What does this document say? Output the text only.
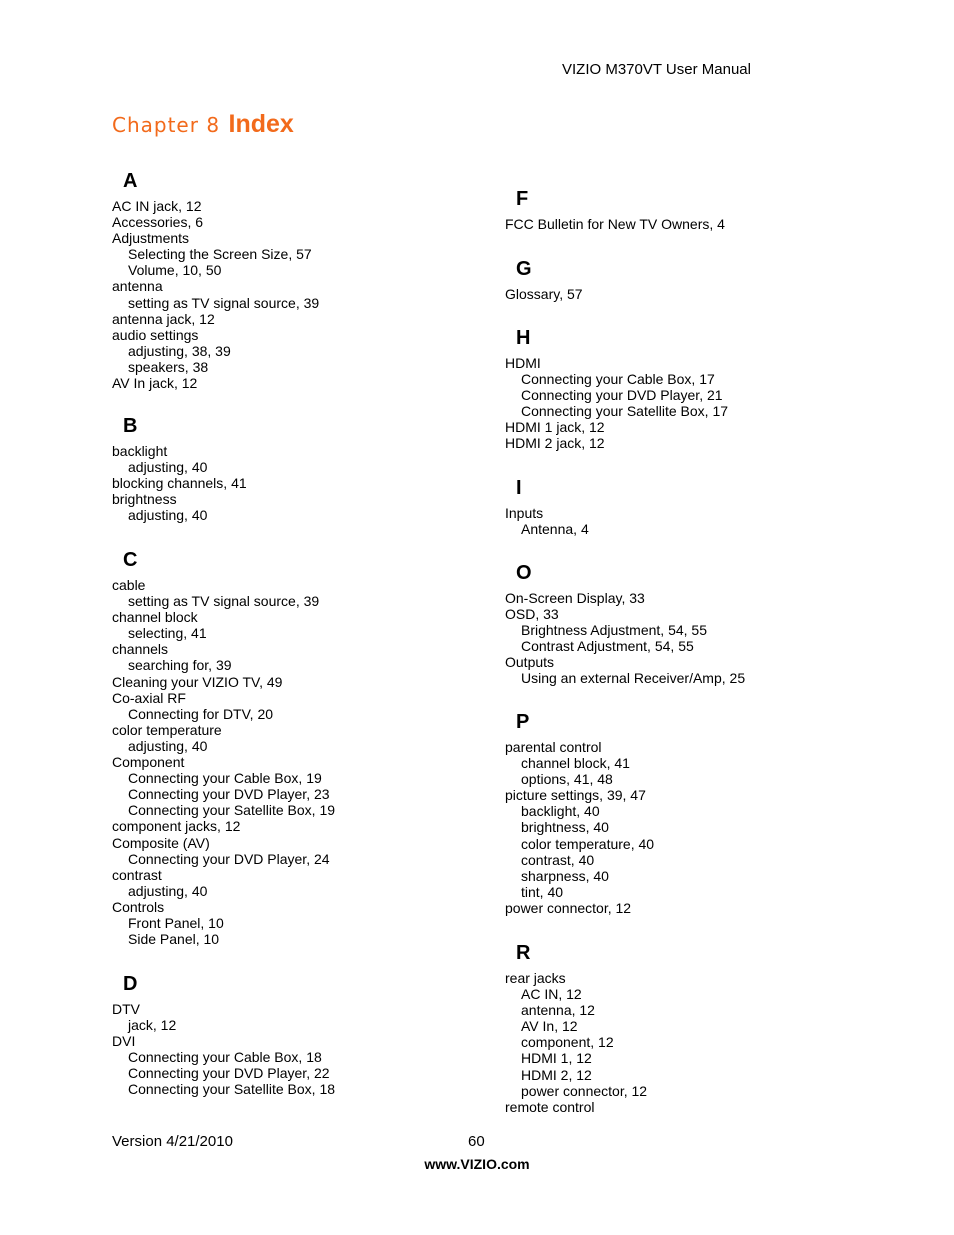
VIZIO M370VT User Manual
Chapter 8 Index
A
AC IN jack, 12
Accessories, 6
Adjustments
Selecting the Screen Size, 57
Volume, 10, 50
antenna
setting as TV signal source, 39
antenna jack, 12
audio settings
adjusting, 38, 39
speakers, 38
AV In jack, 12
B
backlight
adjusting, 40
blocking channels, 41
brightness
adjusting, 40
C
cable
setting as TV signal source, 39
channel block
selecting, 41
channels
searching for, 39
Cleaning your VIZIO TV, 49
Co-axial RF
Connecting for DTV, 20
color temperature
adjusting, 40
Component
Connecting your Cable Box, 19
Connecting your DVD Player, 23
Connecting your Satellite Box, 19
component jacks, 12
Composite (AV)
Connecting your DVD Player, 24
contrast
adjusting, 40
Controls
Front Panel, 10
Side Panel, 10
D
DTV
jack, 12
DVI
Connecting your Cable Box, 18
Connecting your DVD Player, 22
Connecting your Satellite Box, 18
F
FCC Bulletin for New TV Owners, 4
G
Glossary, 57
H
HDMI
Connecting your Cable Box, 17
Connecting your DVD Player, 21
Connecting your Satellite Box, 17
HDMI 1 jack, 12
HDMI 2 jack, 12
I
Inputs
Antenna, 4
O
On-Screen Display, 33
OSD, 33
Brightness Adjustment, 54, 55
Contrast Adjustment, 54, 55
Outputs
Using an external Receiver/Amp, 25
P
parental control
channel block, 41
options, 41, 48
picture settings, 39, 47
backlight, 40
brightness, 40
color temperature, 40
contrast, 40
sharpness, 40
tint, 40
power connector, 12
R
rear jacks
AC IN, 12
antenna, 12
AV In, 12
component, 12
HDMI 1, 12
HDMI 2, 12
power connector, 12
remote control
Version 4/21/2010	60
www.VIZIO.com
